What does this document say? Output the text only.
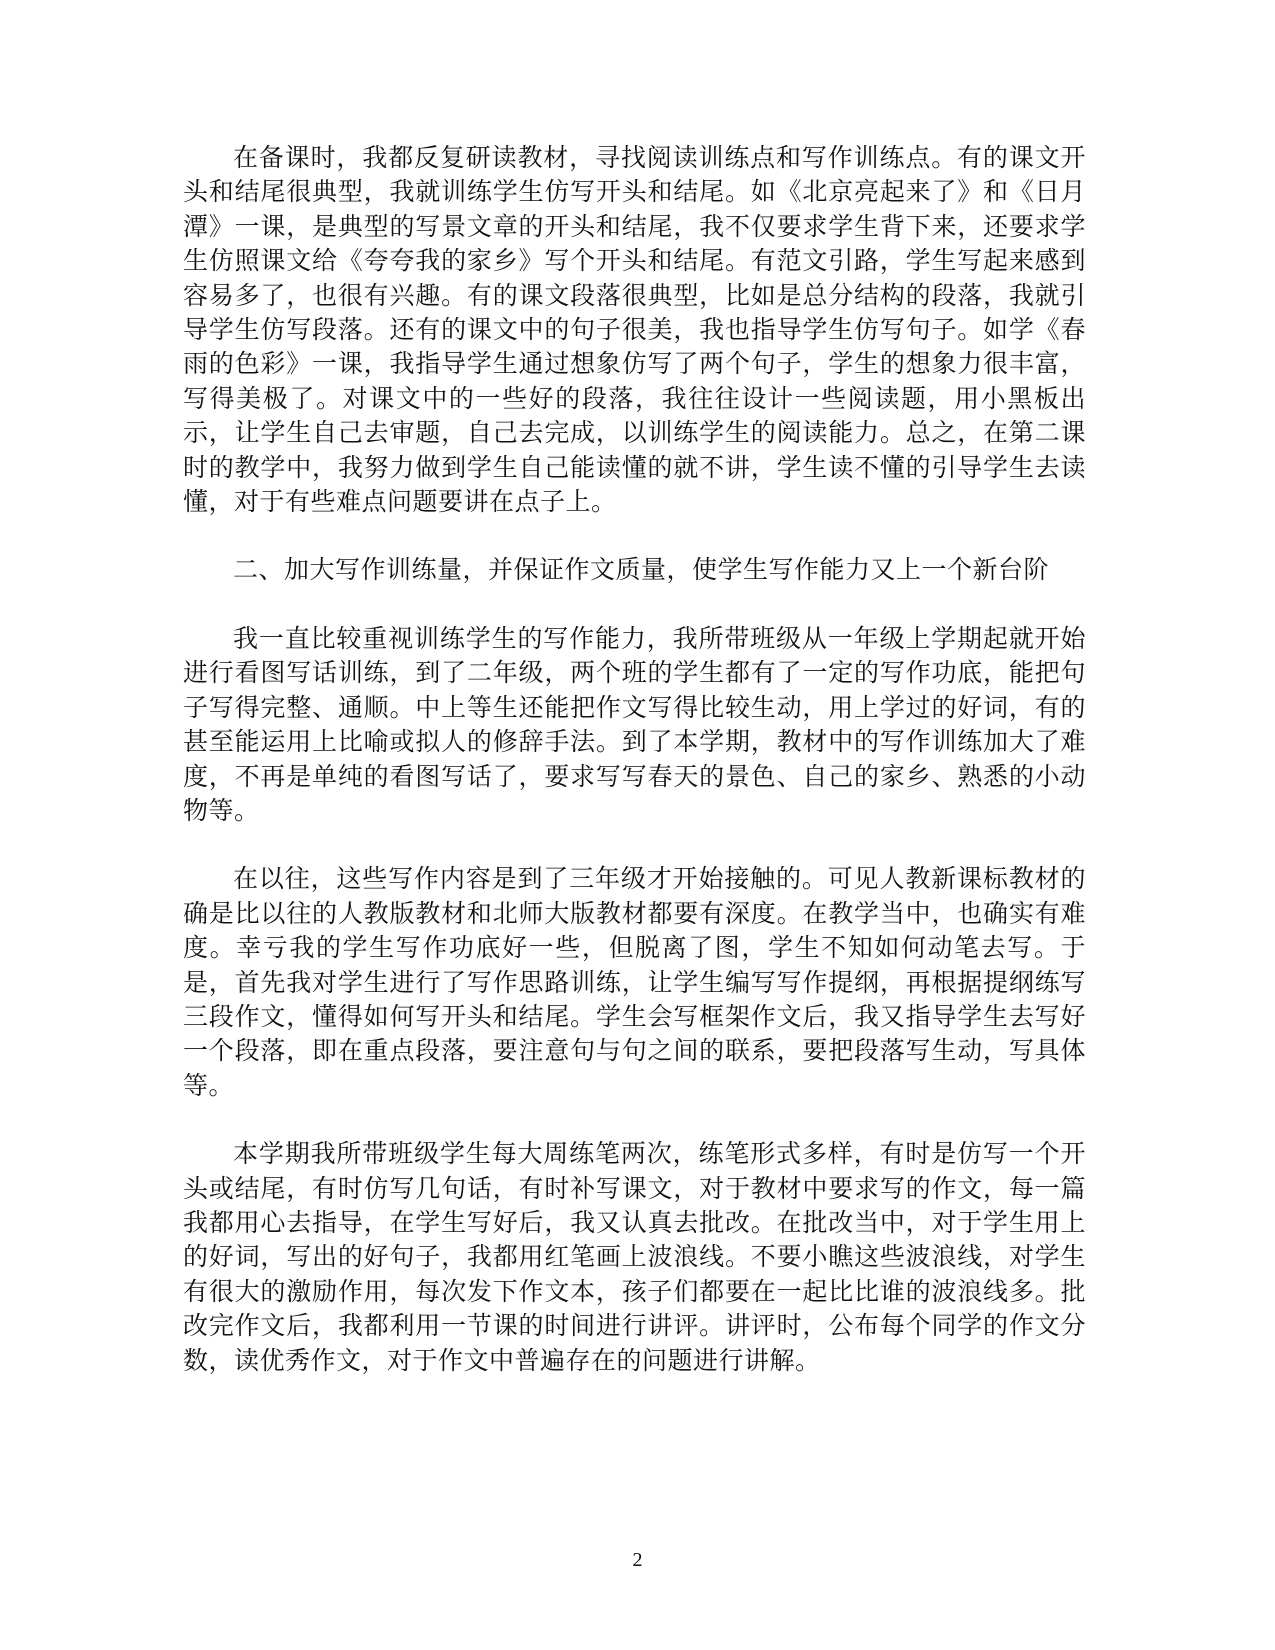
在备课时，我都反复研读教材，寻找阅读训练点和写作训练点。有的课文开头和结尾很典型，我就训练学生仿写开头和结尾。如《北京亮起来了》和《日月潭》一课，是典型的写景文章的开头和结尾，我不仅要求学生背下来，还要求学生仿照课文给《夸夸我的家乡》写个开头和结尾。有范文引路，学生写起来感到容易多了，也很有兴趣。有的课文段落很典型，比如是总分结构的段落，我就引导学生仿写段落。还有的课文中的句子很美，我也指导学生仿写句子。如学《春雨的色彩》一课，我指导学生通过想象仿写了两个句子，学生的想象力很丰富，写得美极了。对课文中的一些好的段落，我往往设计一些阅读题，用小黑板出示，让学生自己去审题，自己去完成，以训练学生的阅读能力。总之，在第二课时的教学中，我努力做到学生自己能读懂的就不讲，学生读不懂的引导学生去读懂，对于有些难点问题要讲在点子上。

二、加大写作训练量，并保证作文质量，使学生写作能力又上一个新台阶

我一直比较重视训练学生的写作能力，我所带班级从一年级上学期起就开始进行看图写话训练，到了二年级，两个班的学生都有了一定的写作功底，能把句子写得完整、通顺。中上等生还能把作文写得比较生动，用上学过的好词，有的甚至能运用上比喻或拟人的修辞手法。到了本学期，教材中的写作训练加大了难度，不再是单纯的看图写话了，要求写写春天的景色、自己的家乡、熟悉的小动物等。

在以往，这些写作内容是到了三年级才开始接触的。可见人教新课标教材的确是比以往的人教版教材和北师大版教材都要有深度。在教学当中，也确实有难度。幸亏我的学生写作功底好一些，但脱离了图，学生不知如何动笔去写。于是，首先我对学生进行了写作思路训练，让学生编写写作提纲，再根据提纲练写三段作文，懂得如何写开头和结尾。学生会写框架作文后，我又指导学生去写好一个段落，即在重点段落，要注意句与句之间的联系，要把段落写生动，写具体等。

本学期我所带班级学生每大周练笔两次，练笔形式多样，有时是仿写一个开头或结尾，有时仿写几句话，有时补写课文，对于教材中要求写的作文，每一篇我都用心去指导，在学生写好后，我又认真去批改。在批改当中，对于学生用上的好词，写出的好句子，我都用红笔画上波浪线。不要小瞧这些波浪线，对学生有很大的激励作用，每次发下作文本，孩子们都要在一起比比谁的波浪线多。批改完作文后，我都利用一节课的时间进行讲评。讲评时，公布每个同学的作文分数，读优秀作文，对于作文中普遍存在的问题进行讲解。

2
